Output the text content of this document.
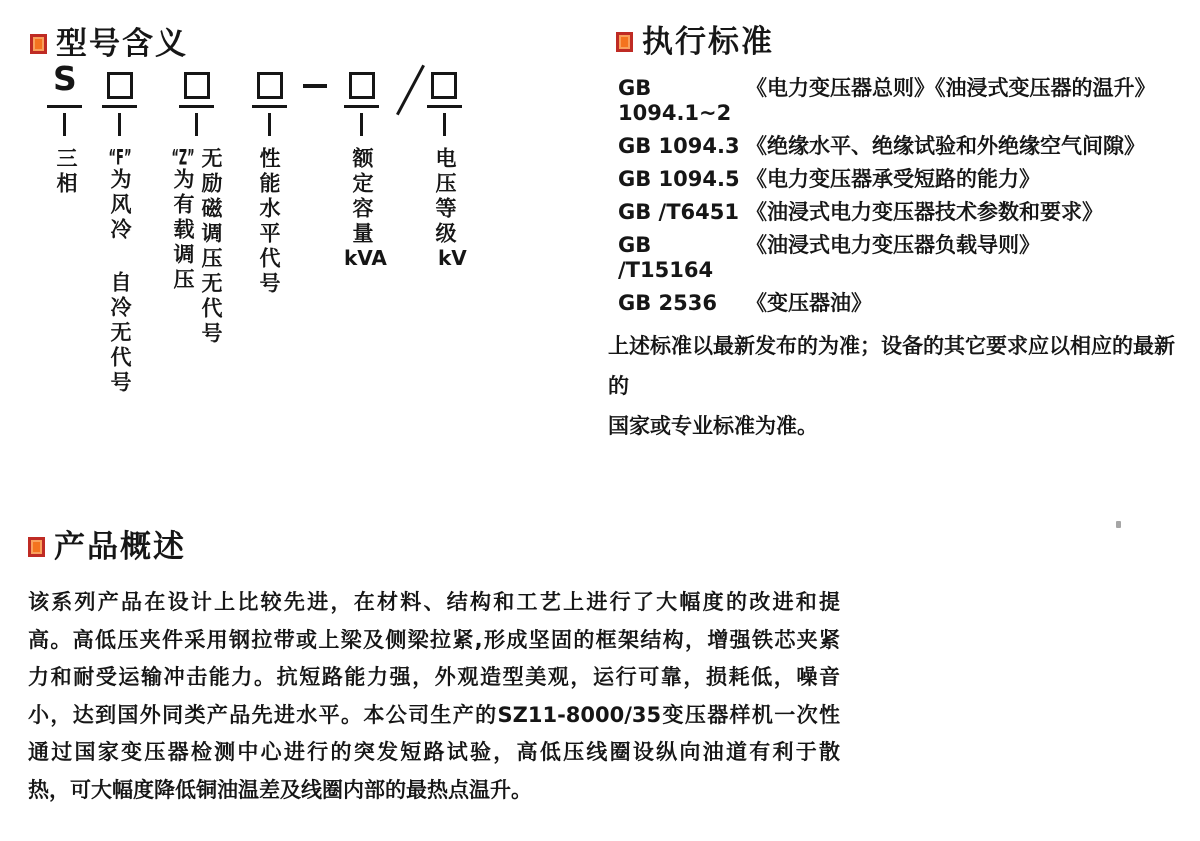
型号含义
S
三相 “F”为风冷 自冷无代号
“Z”为有载调压 无励磁调压无代号 性能水平代号	额定容量
kVA
电压等级
kV
执行标准
GB 1094.1~2
《电力变压器总则》《油浸式变压器的温升》
GB 1094.3 《绝缘水平、绝缘试验和外绝缘空气间隙》
GB 1094.5 《电力变压器承受短路的能力》
GB /T6451 《油浸式电力变压器技术参数和要求》
GB /T15164
《油浸式电力变压器负载导则》
GB 2536	《变压器油》
上述标准以最新发布的为准；设备的其它要求应以相应的最新的
国家或专业标准为准。
产品概述
该系列产品在设计上比较先进，在材料、结构和工艺上进行了大幅度的改进和提
高。高低压夹件采用钢拉带或上梁及侧梁拉紧,形成坚固的框架结构，增强铁芯夹紧
力和耐受运输冲击能力。抗短路能力强，外观造型美观，运行可靠，损耗低，噪音
小，达到国外同类产品先进水平。本公司生产的SZ11-8000/35变压器样机一次性
通过国家变压器检测中心进行的突发短路试验，高低压线圈设纵向油道有利于散
热，可大幅度降低铜油温差及线圈内部的最热点温升。
